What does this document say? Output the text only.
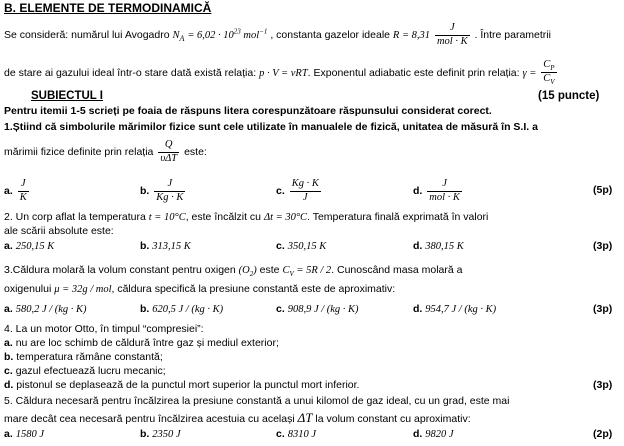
B. ELEMENTE DE TERMODINAMICĂ
Se consideră: numărul lui Avogadro $N_A = 6,02 \cdot 10^{23}$ mol$^{-1}$ , constanta gazelor ideale $R = 8,31 \frac{J}{\text{mol · K}}$ . Între parametrii
de stare ai gazului ideal într-o stare dată există relația: p · V = νRT. Exponentul adiabatic este definit prin relația: $\gamma = \frac{C_P}{C_V}$
SUBIECTUL I	(15 puncte)
Pentru itemii 1-5 scrieți pe foaia de răspuns litera corespunzătoare răspunsului considerat corect.
1.Știind că simbolurile mărimilor fizice sunt cele utilizate în manualele de fizică, unitatea de măsură în S.I. a
mărimii fizice definite prin relația $\frac{Q}{\text{υΔT}}$ este:
a. $\frac{J}{K}$	b. $\frac{J}{Kg \cdot K}$	c. $\frac{Kg \cdot K}{J}$	d. $\frac{J}{\text{mol · K}}$	(5p)
2. Un corp aflat la temperatura t = 10°C, este încălzit cu Δt = 30°C. Temperatura finală exprimată în valori
ale scării absolute este:
a. 250,15 K	b. 313,15 K	c. 350,15 K	d. 380,15 K	(3p)
3.Căldura molară la volum constant pentru oxigen $(O_2)$ este $C_V = 5R / 2$. Cunoscând masa molară a
oxigenului μ = 32g / mol, căldura specifică la presiune constantă este de aproximativ:
a. 580,2 J / (kg · K)	b. 620,5 J / (kg · K)	c. 908,9 J / (kg · K)	d. 954,7 J / (kg · K)	(3p)
4. La un motor Otto, în timpul “compresiei”:
a. nu are loc schimb de căldură între gaz și mediul exterior;
b. temperatura rămâne constantă;
c. gazul efectuează lucru mecanic;
d. pistonul se deplasează de la punctul mort superior la punctul mort inferior.	(3p)
5. Căldura necesară pentru încălzirea la presiune constantă a unui kilomol de gaz ideal, cu un grad, este mai
mare decât cea necesară pentru încălzirea acestuia cu același ΔT la volum constant cu aproximativ:
a. 1580 J	b. 2350 J	c. 8310 J	d. 9820 J	(2p)
